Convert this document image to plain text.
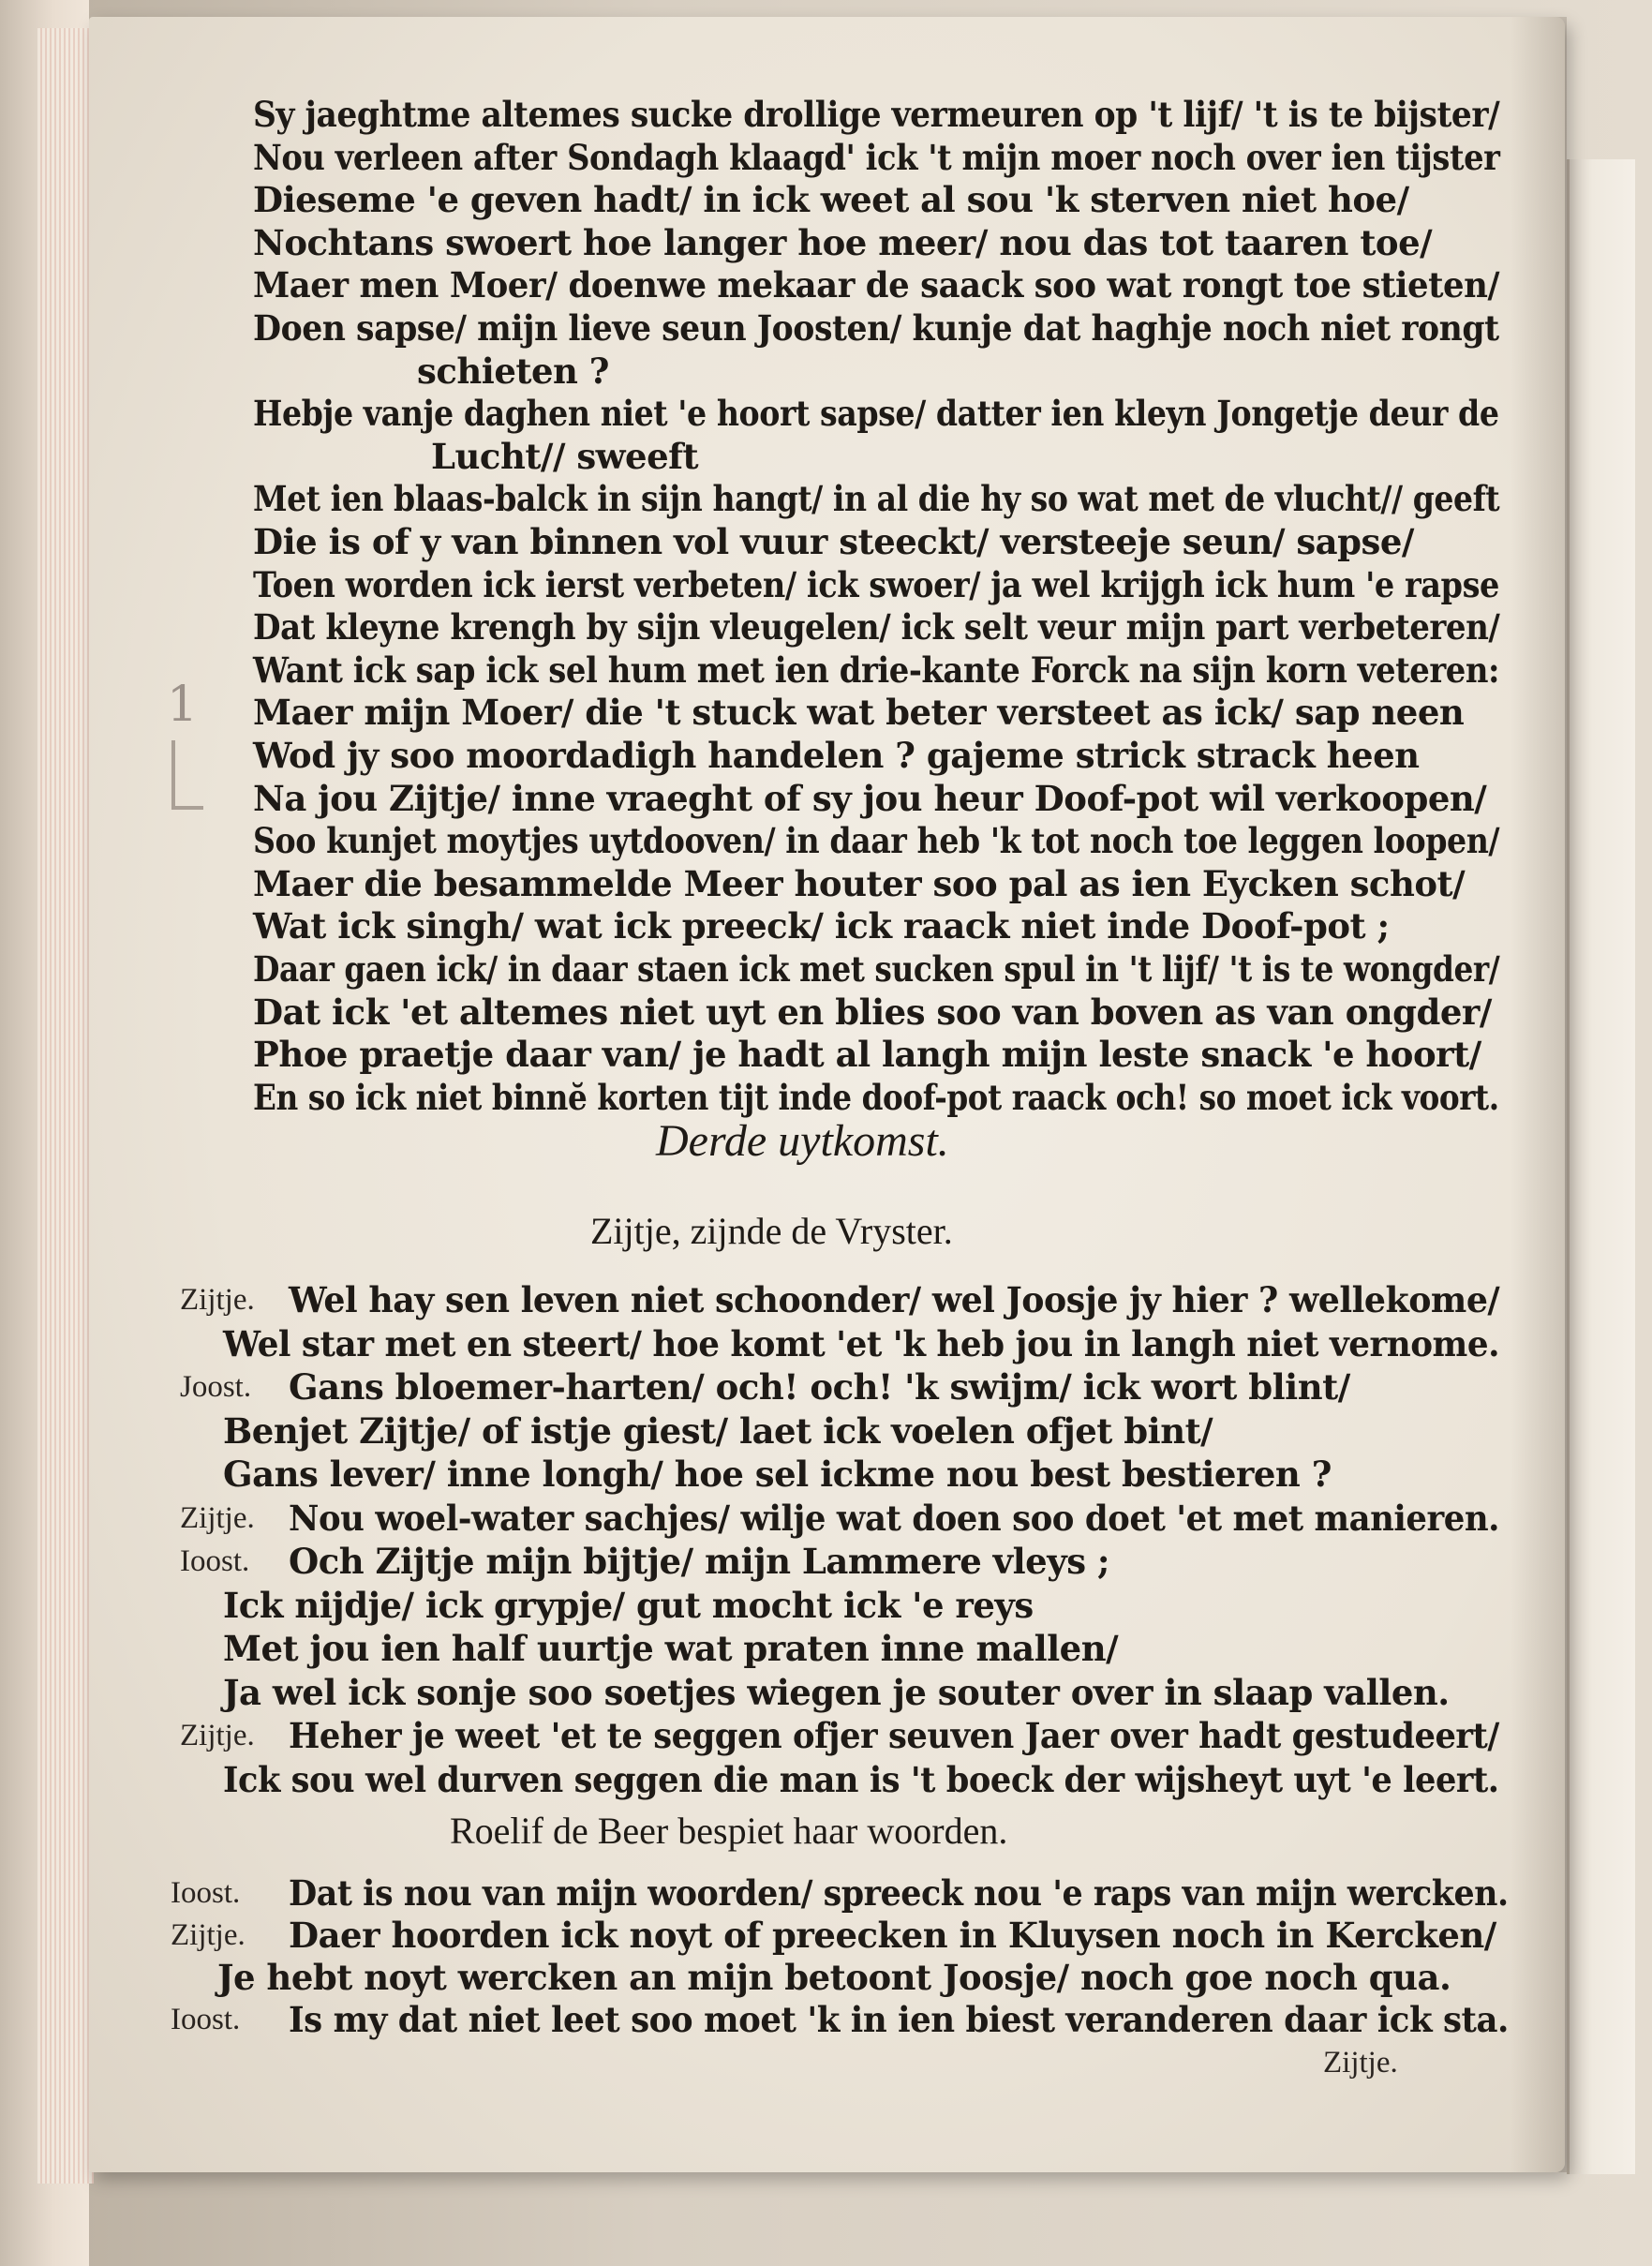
Sy jaeghtme altemes sucke drollige vermeuren op 't lijf/ 't is te bijster/
Nou verleen after Sondagh klaagd' ick 't mijn moer noch over ien tijster
Dieseme 'e geven hadt/ in ick weet al sou 'k sterven niet hoe/
Nochtans swoert hoe langer hoe meer/ nou das tot taaren toe/
Maer men Moer/ doenwe mekaar de saack soo wat rongt toe stieten/
Doen sapse/ mijn lieve seun Joosten/ kunje dat haghje noch niet rongt
schieten ?
Hebje vanje daghen niet 'e hoort sapse/ datter ien kleyn Jongetje deur de
Lucht// sweeft
Met ien blaas-balck in sijn hangt/ in al die hy so wat met de vlucht// geeft
Die is of y van binnen vol vuur steeckt/ versteeje seun/ sapse/
Toen worden ick ierst verbeten/ ick swoer/ ja wel krijgh ick hum 'e rapse
Dat kleyne krengh by sijn vleugelen/ ick selt veur mijn part verbeteren/
Want ick sap ick sel hum met ien drie-kante Forck na sijn korn veteren:
Maer mijn Moer/ die 't stuck wat beter versteet as ick/ sap neen
Wod jy soo moordadigh handelen ? gajeme strick strack heen
Na jou Zijtje/ inne vraeght of sy jou heur Doof-pot wil verkoopen/
Soo kunjet moytjes uytdooven/ in daar heb 'k tot noch toe leggen loopen/
Maer die besammelde Meer houter soo pal as ien Eycken schot/
Wat ick singh/ wat ick preeck/ ick raack niet inde Doof-pot ;
Daar gaen ick/ in daar staen ick met sucken spul in 't lijf/ 't is te wongder/
Dat ick 'et altemes niet uyt en blies soo van boven as van ongder/
Phoe praetje daar van/ je hadt al langh mijn leste snack 'e hoort/
En so ick niet binnĕ korten tijt inde doof-pot raack och! so moet ick voort.
1
Derde uytkomst.
Zijtje, zijnde de Vryster.
Zijtje. Wel hay sen leven niet schoonder/ wel Joosje jy hier ? wellekome/
Wel star met en steert/ hoe komt 'et 'k heb jou in langh niet vernome.
Joost. Gans bloemer-harten/ och! och! 'k swijm/ ick wort blint/
Benjet Zijtje/ of istje giest/ laet ick voelen ofjet bint/
Gans lever/ inne longh/ hoe sel ickme nou best bestieren ?
Zijtje. Nou woel-water sachjes/ wilje wat doen soo doet 'et met manieren.
Ioost. Och Zijtje mijn bijtje/ mijn Lammere vleys ;
Ick nijdje/ ick grypje/ gut mocht ick 'e reys
Met jou ien half uurtje wat praten inne mallen/
Ja wel ick sonje soo soetjes wiegen je souter over in slaap vallen.
Zijtje. Heher je weet 'et te seggen ofjer seuven Jaer over hadt gestudeert/
Ick sou wel durven seggen die man is 't boeck der wijsheyt uyt 'e leert.
Roelif de Beer bespiet haar woorden.
Ioost. Dat is nou van mijn woorden/ spreeck nou 'e raps van mijn wercken.
Zijtje. Daer hoorden ick noyt of preecken in Kluysen noch in Kercken/
Je hebt noyt wercken an mijn betoont Joosje/ noch goe noch qua.
Ioost. Is my dat niet leet soo moet 'k in ien biest veranderen daar ick sta.
Zijtje.
